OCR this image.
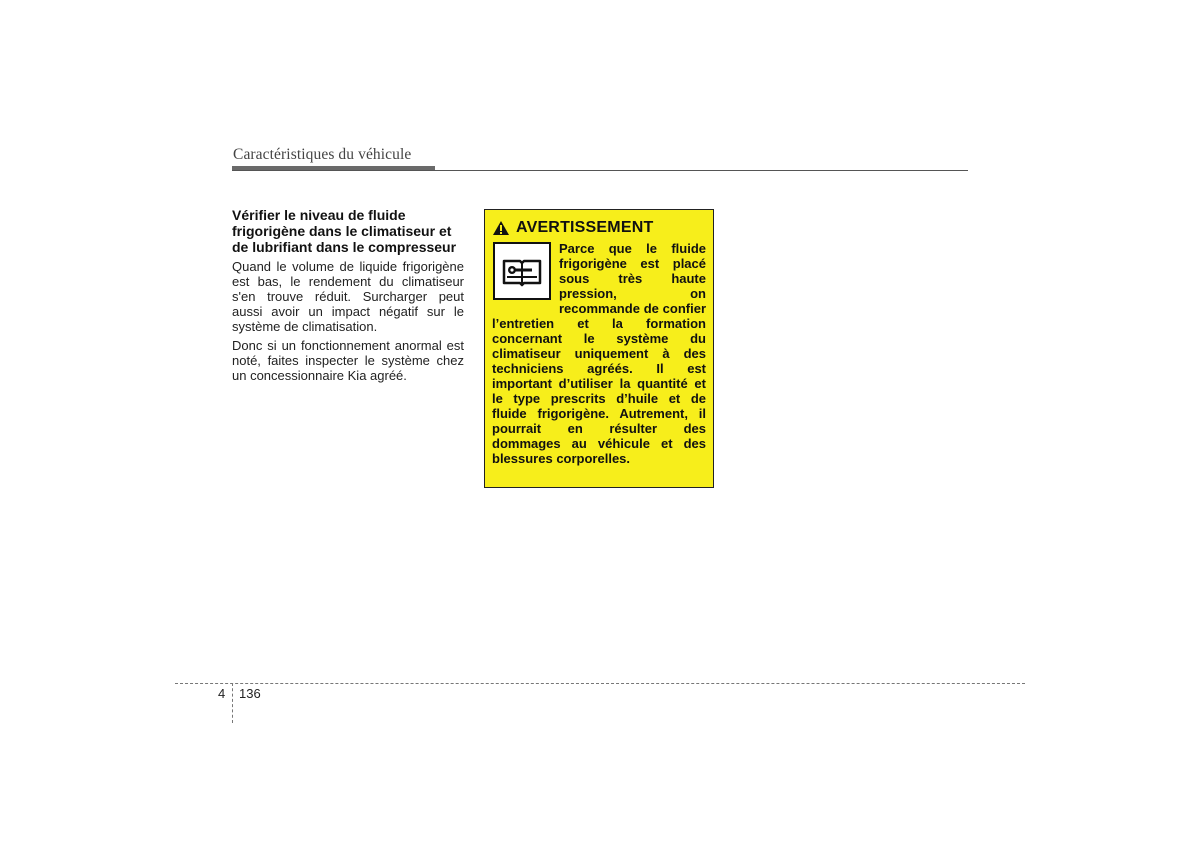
Caractéristiques du véhicule
Vérifier le niveau de fluide frigorigène dans le climatiseur et de lubrifiant dans le compresseur

Quand le volume de liquide frigorigène est bas, le rendement du climatiseur s'en trouve réduit. Surcharger peut aussi avoir un impact négatif sur le système de climatisation.

Donc si un fonctionnement anormal est noté, faites inspecter le système chez un concessionnaire Kia agréé.

AVERTISSEMENT
Parce que le fluide frigorigène est placé sous très haute pression, on recommande de confier l’entretien et la formation concernant le système du climatiseur uniquement à des techniciens agréés. Il est important d’utiliser la quantité et le type prescrits d’huile et de fluide frigorigène. Autrement, il pourrait en résulter des dommages au véhicule et des blessures corporelles.
4 136
